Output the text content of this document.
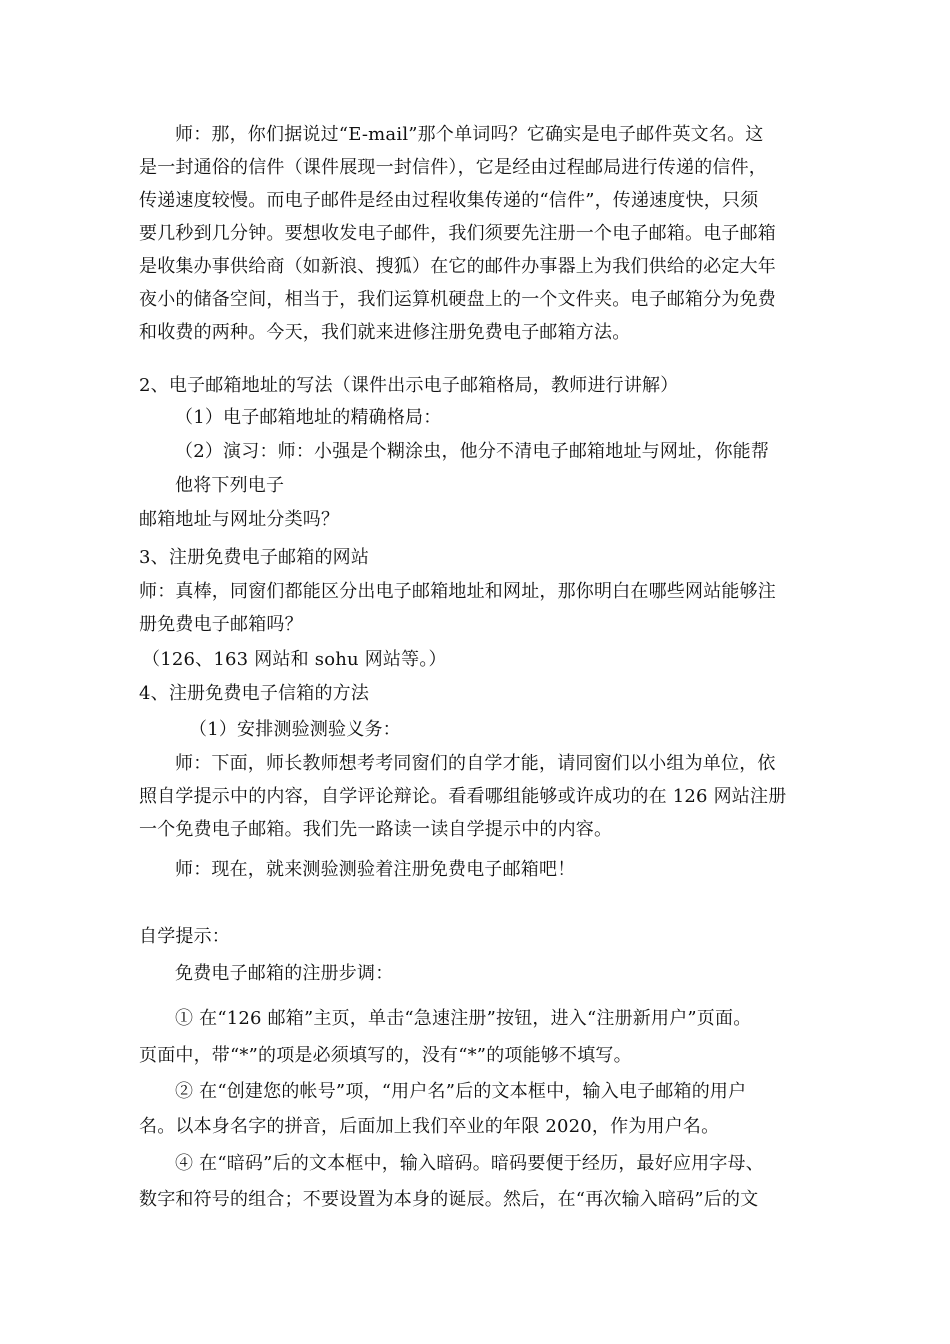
师：那，你们据说过“E-mail”那个单词吗？它确实是电子邮件英文名。这
是一封通俗的信件（课件展现一封信件），它是经由过程邮局进行传递的信件，
传递速度较慢。而电子邮件是经由过程收集传递的“信件”，传递速度快，只须
要几秒到几分钟。要想收发电子邮件，我们须要先注册一个电子邮箱。电子邮箱
是收集办事供给商（如新浪、搜狐）在它的邮件办事器上为我们供给的必定大年
夜小的储备空间，相当于，我们运算机硬盘上的一个文件夹。电子邮箱分为免费
和收费的两种。今天，我们就来进修注册免费电子邮箱方法。
2、电子邮箱地址的写法（课件出示电子邮箱格局，教师进行讲解）
（1）电子邮箱地址的精确格局：
（2）演习：师：小强是个糊涂虫，他分不清电子邮箱地址与网址，你能帮
他将下列电子
邮箱地址与网址分类吗？
3、注册免费电子邮箱的网站
师：真棒，同窗们都能区分出电子邮箱地址和网址，那你明白在哪些网站能够注
册免费电子邮箱吗？
（126、163 网站和 sohu 网站等。）
4、注册免费电子信箱的方法
（1）安排测验测验义务：
师：下面，师长教师想考考同窗们的自学才能，请同窗们以小组为单位，依
照自学提示中的内容，自学评论辩论。看看哪组能够或许成功的在 126 网站注册
一个免费电子邮箱。我们先一路读一读自学提示中的内容。
师：现在，就来测验测验着注册免费电子邮箱吧！
自学提示：
免费电子邮箱的注册步调：
① 在“126 邮箱”主页，单击“急速注册”按钮，进入“注册新用户”页面。
页面中，带“*”的项是必须填写的，没有“*”的项能够不填写。
② 在“创建您的帐号”项，“用户名”后的文本框中，输入电子邮箱的用户
名。以本身名字的拼音，后面加上我们卒业的年限 2020，作为用户名。
④ 在“暗码”后的文本框中，输入暗码。暗码要便于经历，最好应用字母、
数字和符号的组合；不要设置为本身的诞辰。然后，在“再次输入暗码”后的文
